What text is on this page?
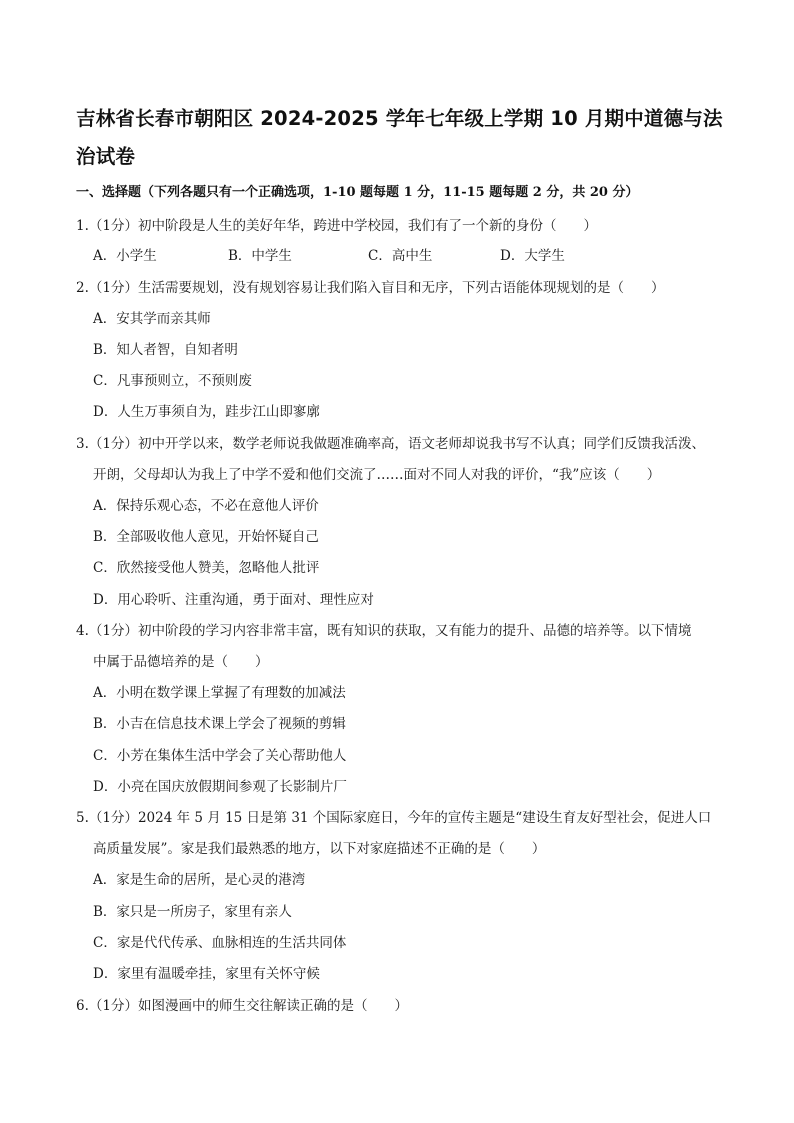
吉林省长春市朝阳区 2024-2025 学年七年级上学期 10 月期中道德与法治试卷
一、选择题（下列各题只有一个正确选项，1-10 题每题 1 分，11-15 题每题 2 分，共 20 分）
1.（1分）初中阶段是人生的美好年华，跨进中学校园，我们有了一个新的身份（　　）
A．小学生	B．中学生	C．高中生	D．大学生
2.（1分）生活需要规划，没有规划容易让我们陷入盲目和无序，下列古语能体现规划的是（　　）
A．安其学而亲其师
B．知人者智，自知者明
C．凡事预则立，不预则废
D．人生万事须自为，跬步江山即寥廓
3.（1分）初中开学以来，数学老师说我做题准确率高，语文老师却说我书写不认真；同学们反馈我活泼、
开朗，父母却认为我上了中学不爱和他们交流了……面对不同人对我的评价，“我”应该（　　）
A．保持乐观心态，不必在意他人评价
B．全部吸收他人意见，开始怀疑自己
C．欣然接受他人赞美，忽略他人批评
D．用心聆听、注重沟通，勇于面对、理性应对
4.（1分）初中阶段的学习内容非常丰富，既有知识的获取，又有能力的提升、品德的培养等。以下情境
中属于品德培养的是（　　）
A．小明在数学课上掌握了有理数的加减法
B．小吉在信息技术课上学会了视频的剪辑
C．小芳在集体生活中学会了关心帮助他人
D．小亮在国庆放假期间参观了长影制片厂
5.（1分）2024 年 5 月 15 日是第 31 个国际家庭日，今年的宣传主题是“建设生育友好型社会，促进人口
高质量发展”。家是我们最熟悉的地方，以下对家庭描述不正确的是（　　）
A．家是生命的居所，是心灵的港湾
B．家只是一所房子，家里有亲人
C．家是代代传承、血脉相连的生活共同体
D．家里有温暖牵挂，家里有关怀守候
6.（1分）如图漫画中的师生交往解读正确的是（　　）
